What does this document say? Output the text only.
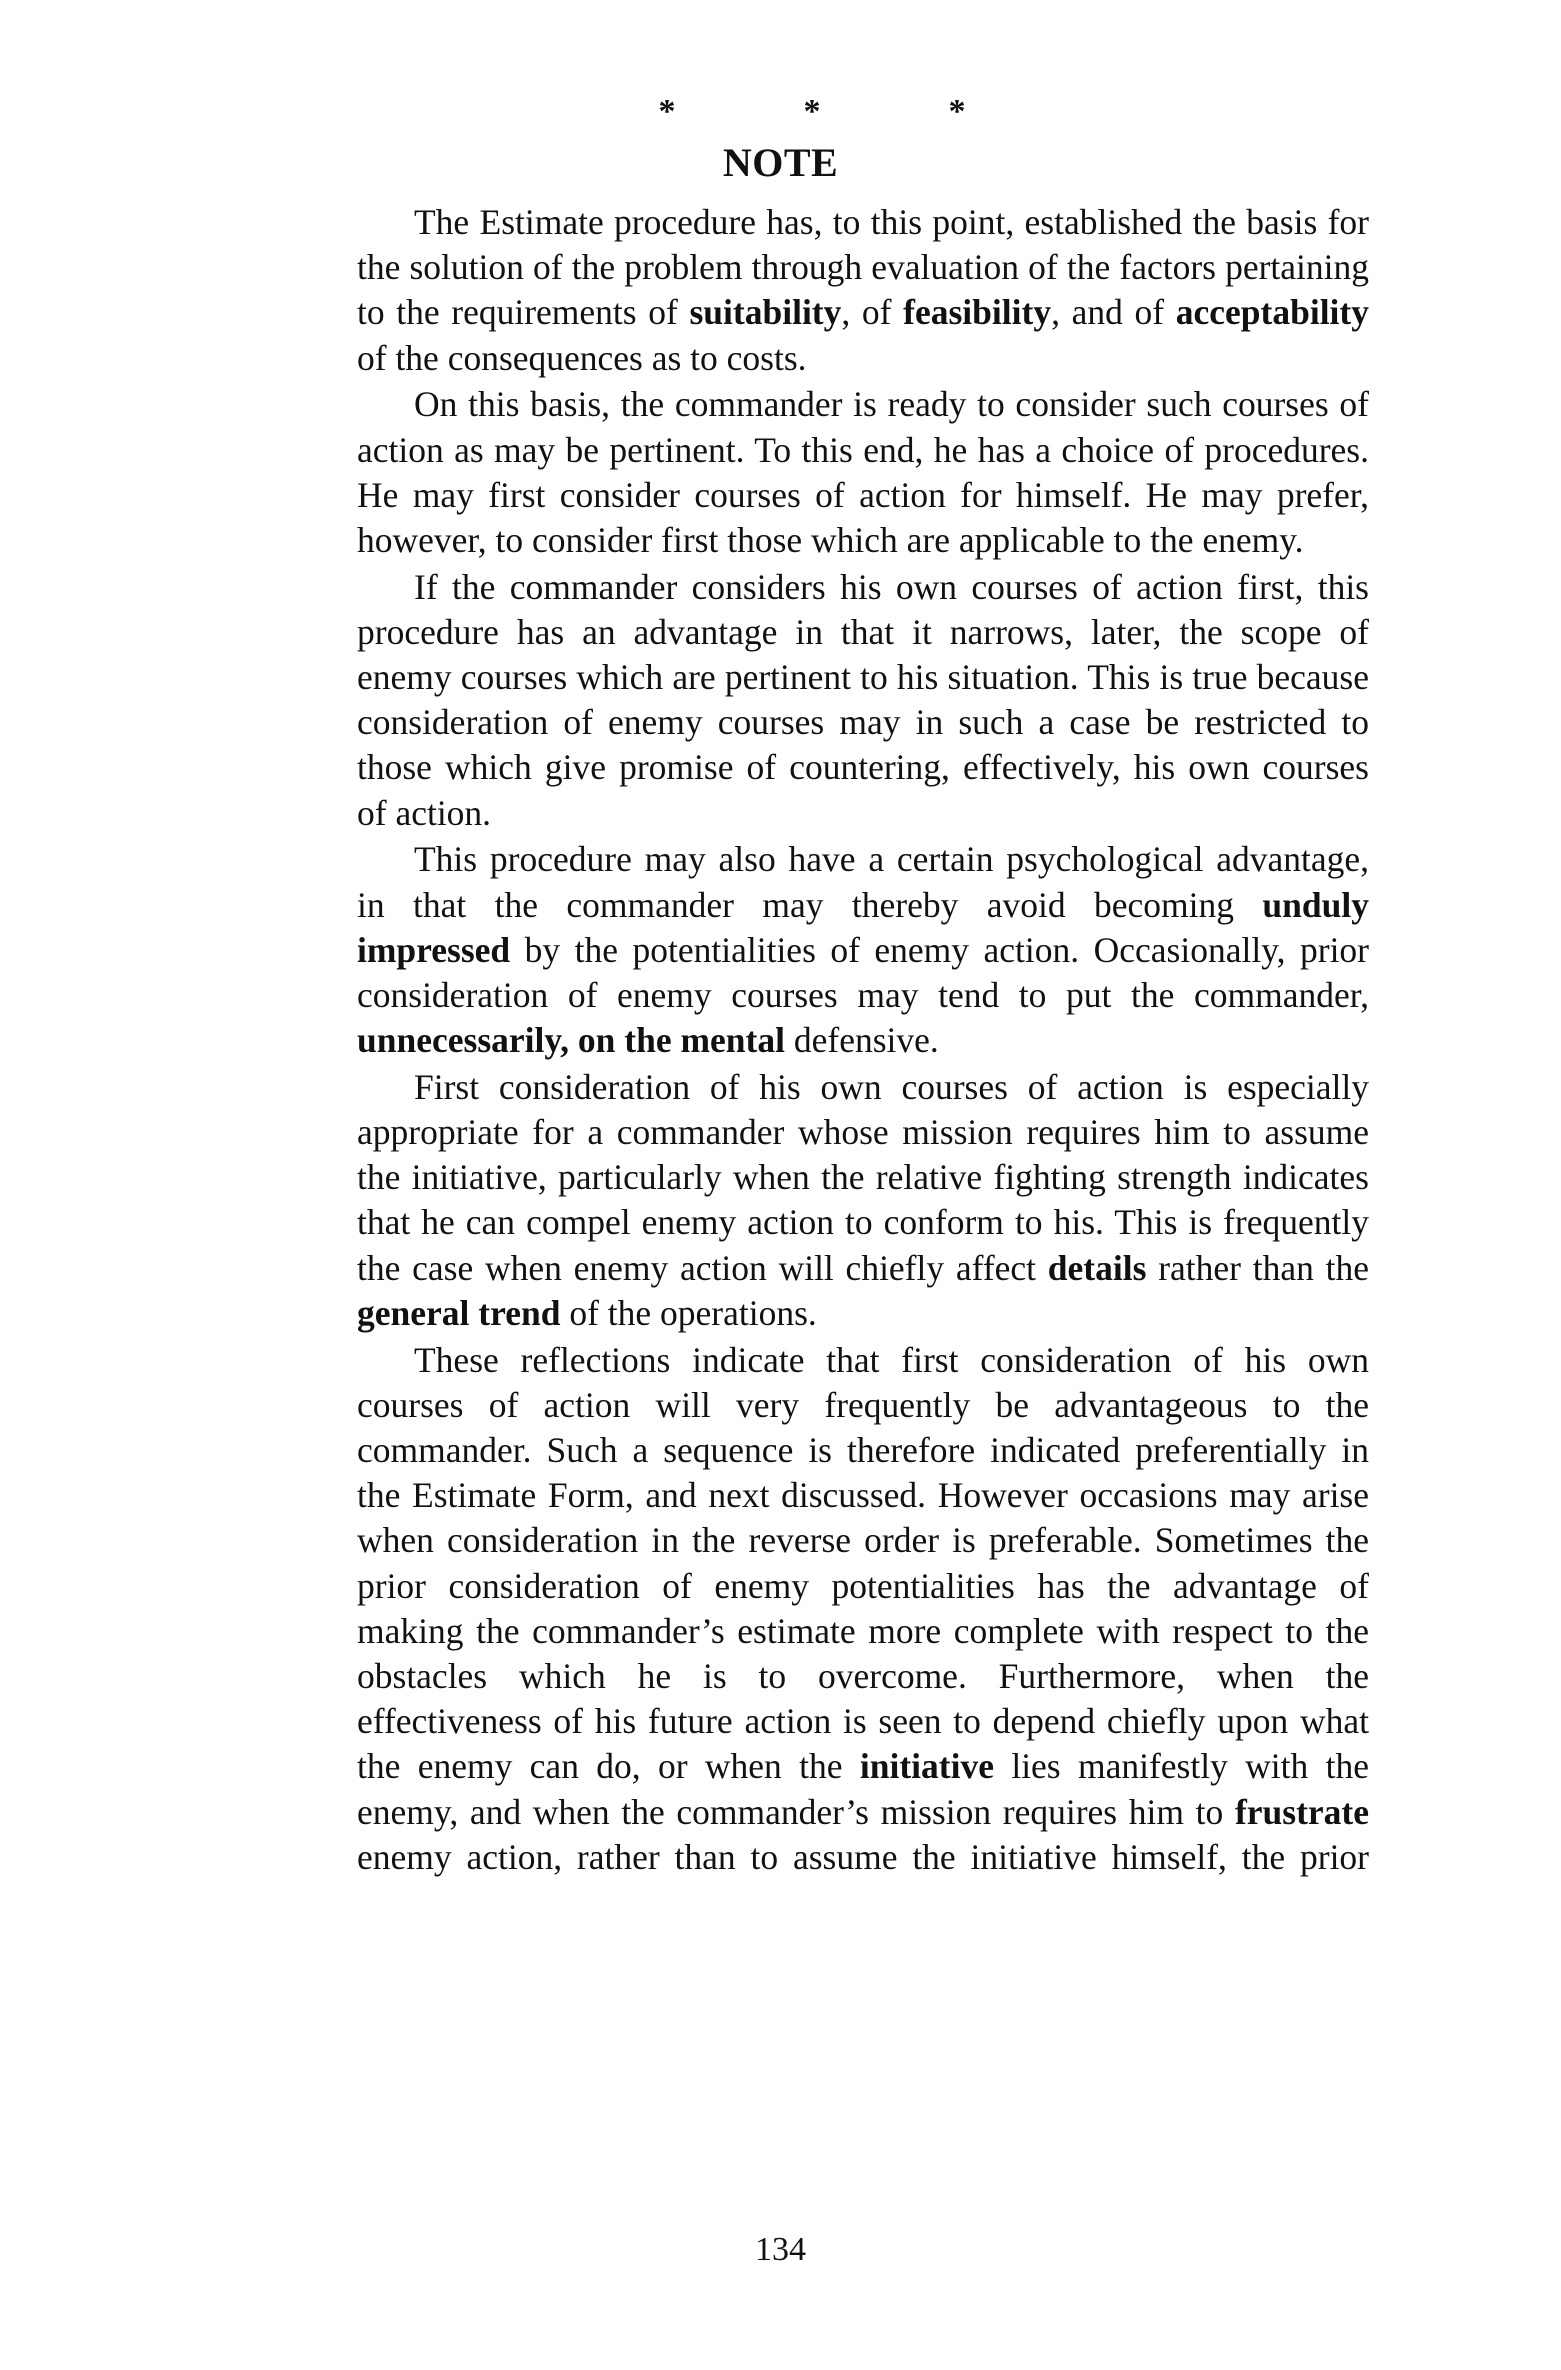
*	*	*
NOTE

The Estimate procedure has, to this point, established the basis for the solution of the problem through evaluation of the factors pertaining to the requirements of suitability, of feasibility, and of acceptability of the consequences as to costs.

On this basis, the commander is ready to consider such courses of action as may be pertinent. To this end, he has a choice of procedures. He may first consider courses of action for himself. He may prefer, however, to consider first those which are applicable to the enemy.

If the commander considers his own courses of action first, this procedure has an advantage in that it narrows, later, the scope of enemy courses which are pertinent to his situation. This is true because consideration of enemy courses may in such a case be restricted to those which give promise of countering, effectively, his own courses of action.

This procedure may also have a certain psychological advantage, in that the commander may thereby avoid becoming unduly impressed by the potentialities of enemy action. Occasionally, prior consideration of enemy courses may tend to put the commander, unnecessarily, on the mental defensive.

First consideration of his own courses of action is especially appropriate for a commander whose mission requires him to assume the initiative, particularly when the relative fighting strength indicates that he can compel enemy action to conform to his. This is frequently the case when enemy action will chiefly affect details rather than the general trend of the operations.

These reflections indicate that first consideration of his own courses of action will very frequently be advantageous to the commander. Such a sequence is therefore indicated preferentially in the Estimate Form, and next discussed. However occasions may arise when consideration in the reverse order is preferable. Sometimes the prior consideration of enemy potentialities has the advantage of making the commander’s estimate more complete with respect to the obstacles which he is to overcome. Furthermore, when the effectiveness of his future action is seen to depend chiefly upon what the enemy can do, or when the initiative lies manifestly with the enemy, and when the commander’s mission requires him to frustrate enemy action, rather than to assume the initiative himself, the prior

134
